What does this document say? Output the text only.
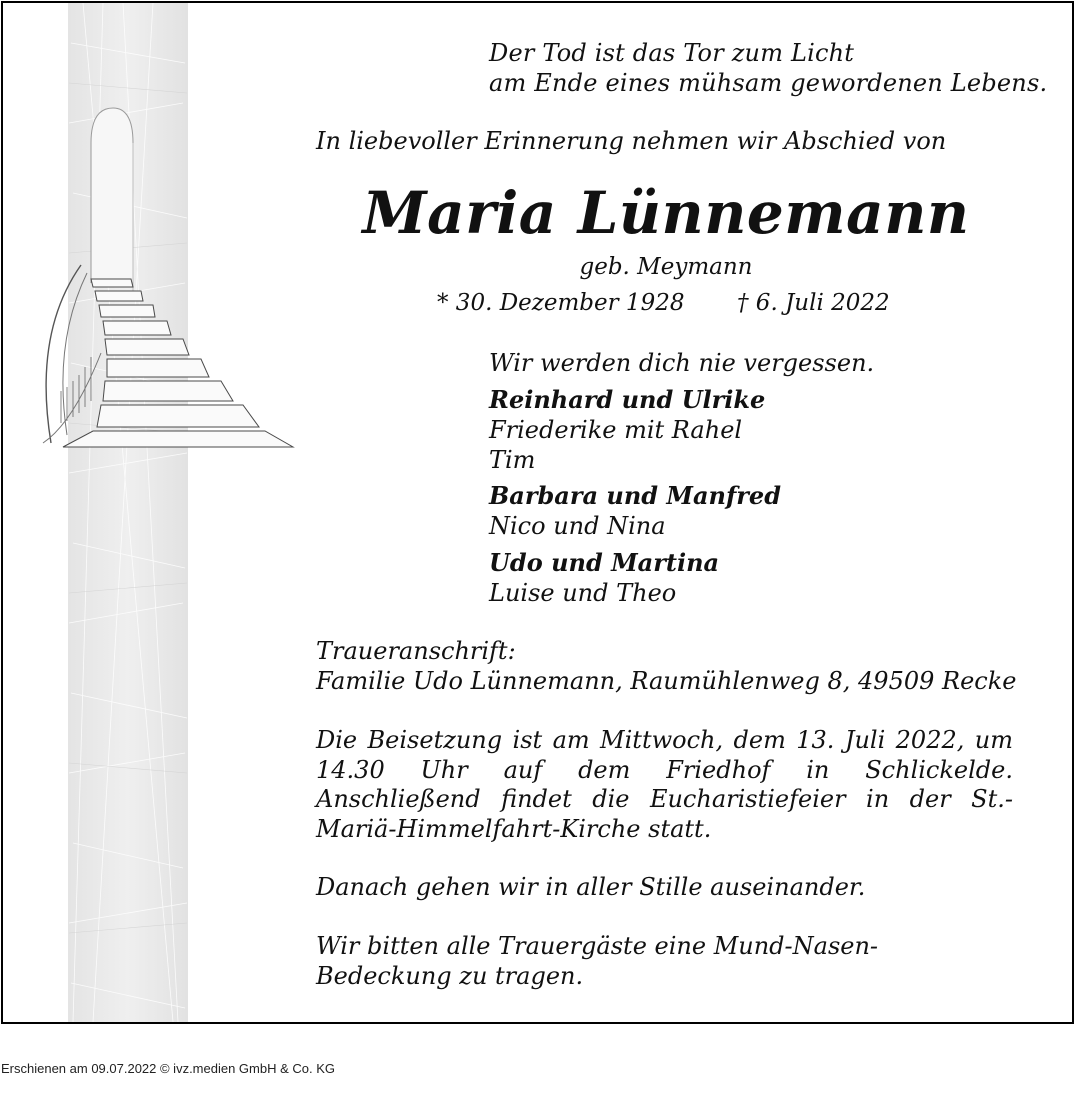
Der Tod ist das Tor zum Licht

am Ende eines mühsam gewordenen Lebens.

In liebevoller Erinnerung nehmen wir Abschied von

Maria Lünnemann

geb. Meymann

* 30. Dezember 1928 † 6. Juli 2022

Wir werden dich nie vergessen.

Reinhard und Ulrike

Friederike mit Rahel

Tim

Barbara und Manfred

Nico und Nina

Udo und Martina

Luise und Theo

Traueranschrift:

Familie Udo Lünnemann, Raumühlenweg 8, 49509 Recke

Die Beisetzung ist am Mittwoch, dem 13. Juli 2022, um 14.30 Uhr auf dem Friedhof in Schlickelde. Anschließend findet die Eucharistiefeier in der St.-Mariä-Himmelfahrt-Kirche statt.

Danach gehen wir in aller Stille auseinander.

Wir bitten alle Trauergäste eine Mund-Nasen-Bedeckung zu tragen.

Erschienen am 09.07.2022 © ivz.medien GmbH & Co. KG
